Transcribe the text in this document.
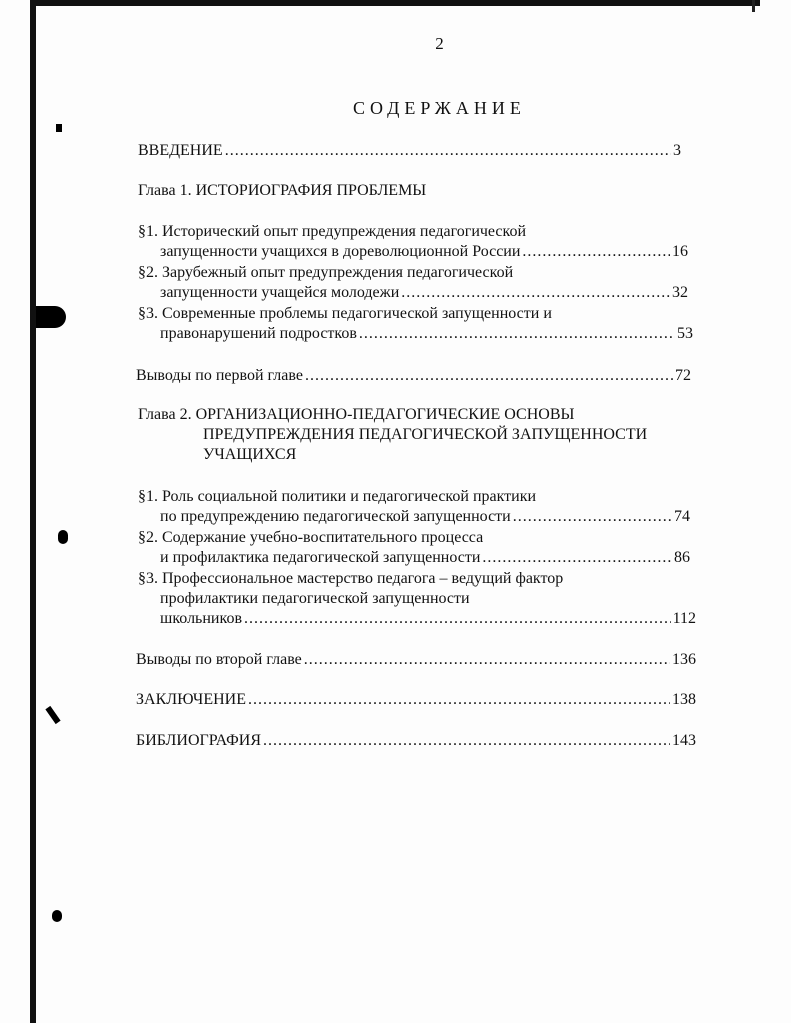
2
СОДЕРЖАНИЕ
ВВЕДЕНИЕ .....	3
Глава 1. ИСТОРИОГРАФИЯ ПРОБЛЕМЫ
§1. Исторический опыт предупреждения педагогической
запущенности учащихся в дореволюционной России .....	16
§2. Зарубежный опыт предупреждения педагогической
запущенности учащейся молодежи .....	32
§3. Современные проблемы педагогической запущенности и
правонарушений подростков .....	53
Выводы по первой главе .....	72
Глава 2. ОРГАНИЗАЦИОННО-ПЕДАГОГИЧЕСКИЕ ОСНОВЫ
ПРЕДУПРЕЖДЕНИЯ ПЕДАГОГИЧЕСКОЙ ЗАПУЩЕННОСТИ
УЧАЩИХСЯ
§1. Роль социальной политики и педагогической практики
по предупреждению педагогической запущенности .....	74
§2. Содержание учебно-воспитательного процесса
и профилактика педагогической запущенности .....	86
§3. Профессиональное мастерство педагога – ведущий фактор
профилактики педагогической запущенности
школьников .....	112
Выводы по второй главе .....	136
ЗАКЛЮЧЕНИЕ .....	138
БИБЛИОГРАФИЯ .....	143
